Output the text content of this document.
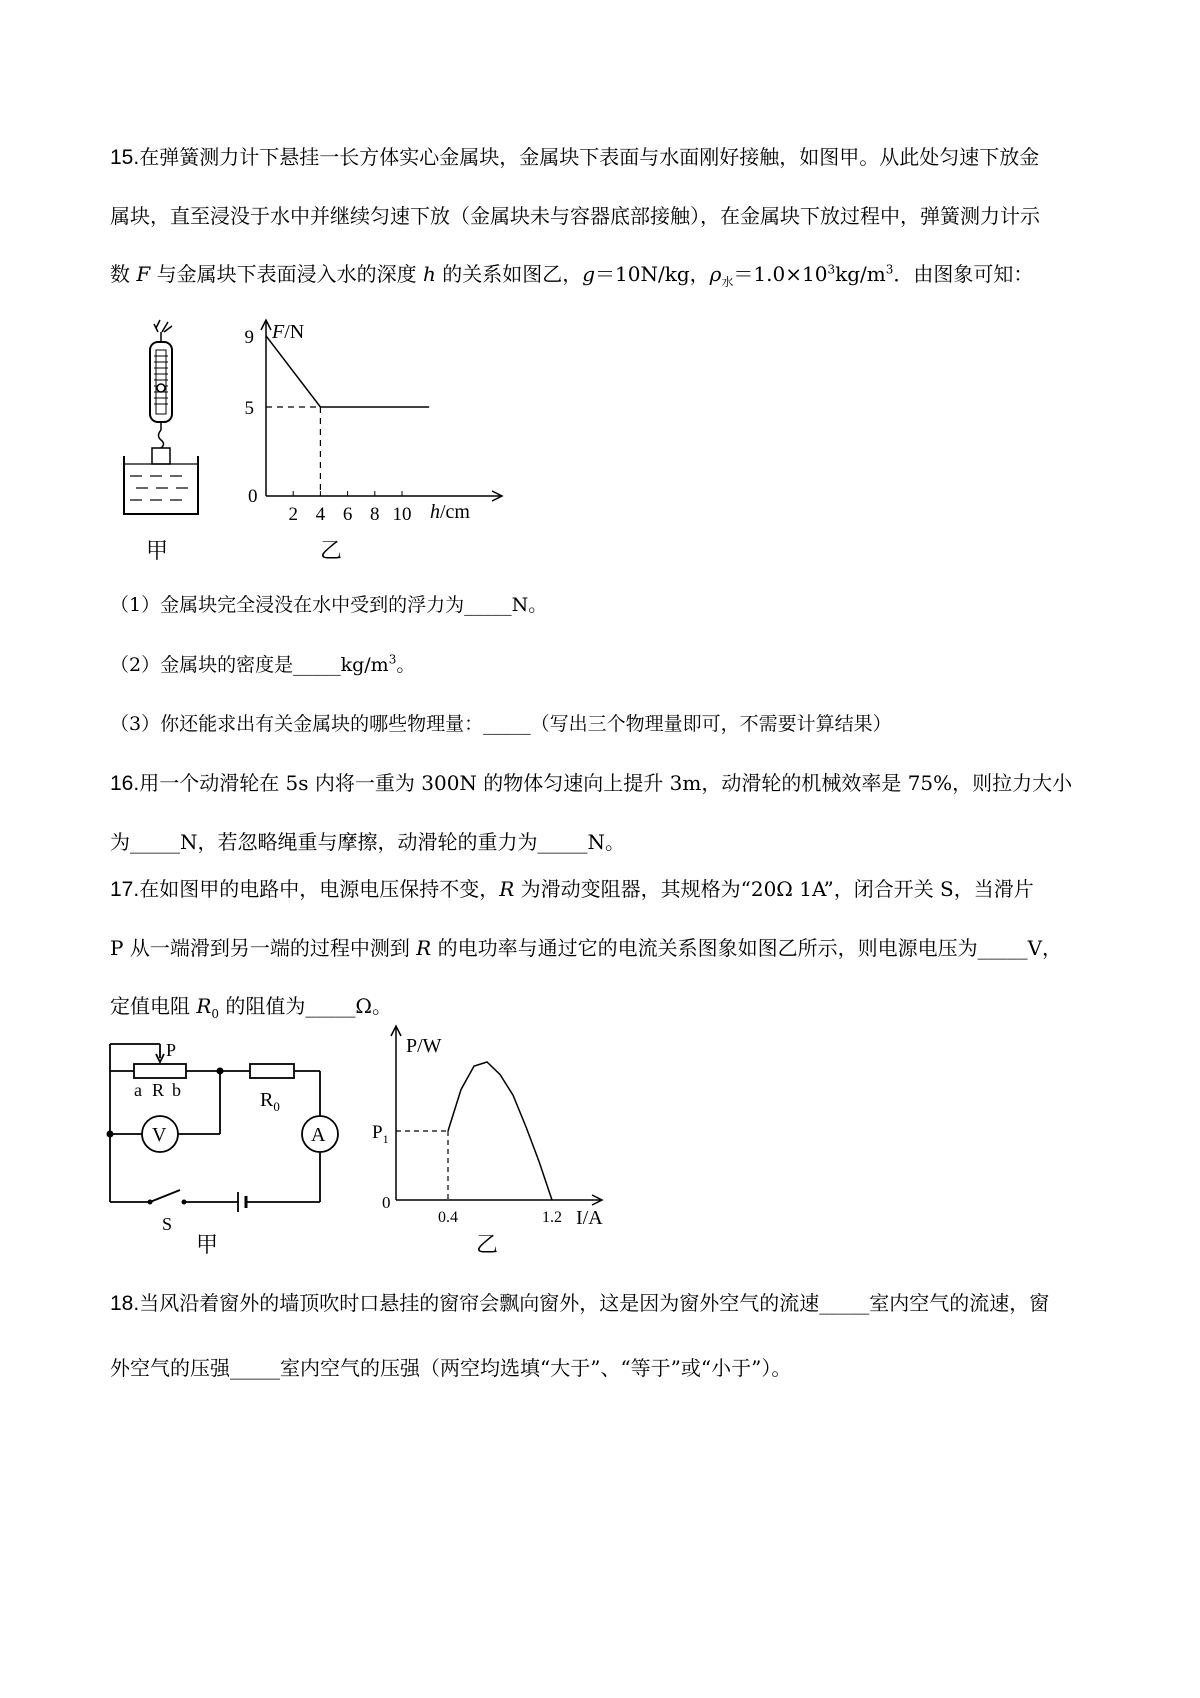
15.在弹簧测力计下悬挂一长方体实心金属块，金属块下表面与水面刚好接触，如图甲。从此处匀速下放金
属块，直至浸没于水中并继续匀速下放（金属块未与容器底部接触），在金属块下放过程中，弹簧测力计示
数 F 与金属块下表面浸入水的深度 h 的关系如图乙，g＝10N/kg，$\rho_水=1.0\times 10^3kg/m^3$．由图象可知：
甲
F/N
h/cm
0
2 4 6 8 10
9
5
乙
（1）金属块完全浸没在水中受到的浮力为_____N。
（2）金属块的密度是$\_\_\_\_\_kg/m^3$。
（3）你还能求出有关金属块的哪些物理量：_____（写出三个物理量即可，不需要计算结果）
16.用一个动滑轮在 5s 内将一重为 300N 的物体匀速向上提升 3m，动滑轮的机械效率是 75%，则拉力大小
为_____N，若忽略绳重与摩擦，动滑轮的重力为_____N。
17.在如图甲的电路中，电源电压保持不变，R 为滑动变阻器，其规格为“20Ω 1A”，闭合开关 S，当滑片
P 从一端滑到另一端的过程中测到 R 的电功率与通过它的电流关系图象如图乙所示，则电源电压为_____V，
定值电阻 $R_0$ 的阻值为_____Ω。
P
a R b	$R_0$
V	A
S
甲
P/W
I/A
0
0.4	1.2
$P_1$
乙
18.当风沿着窗外的墙顶吹时口悬挂的窗帘会飘向窗外，这是因为窗外空气的流速_____室内空气的流速，窗
外空气的压强_____室内空气的压强（两空均选填“大于”、“等于”或“小于”）。
